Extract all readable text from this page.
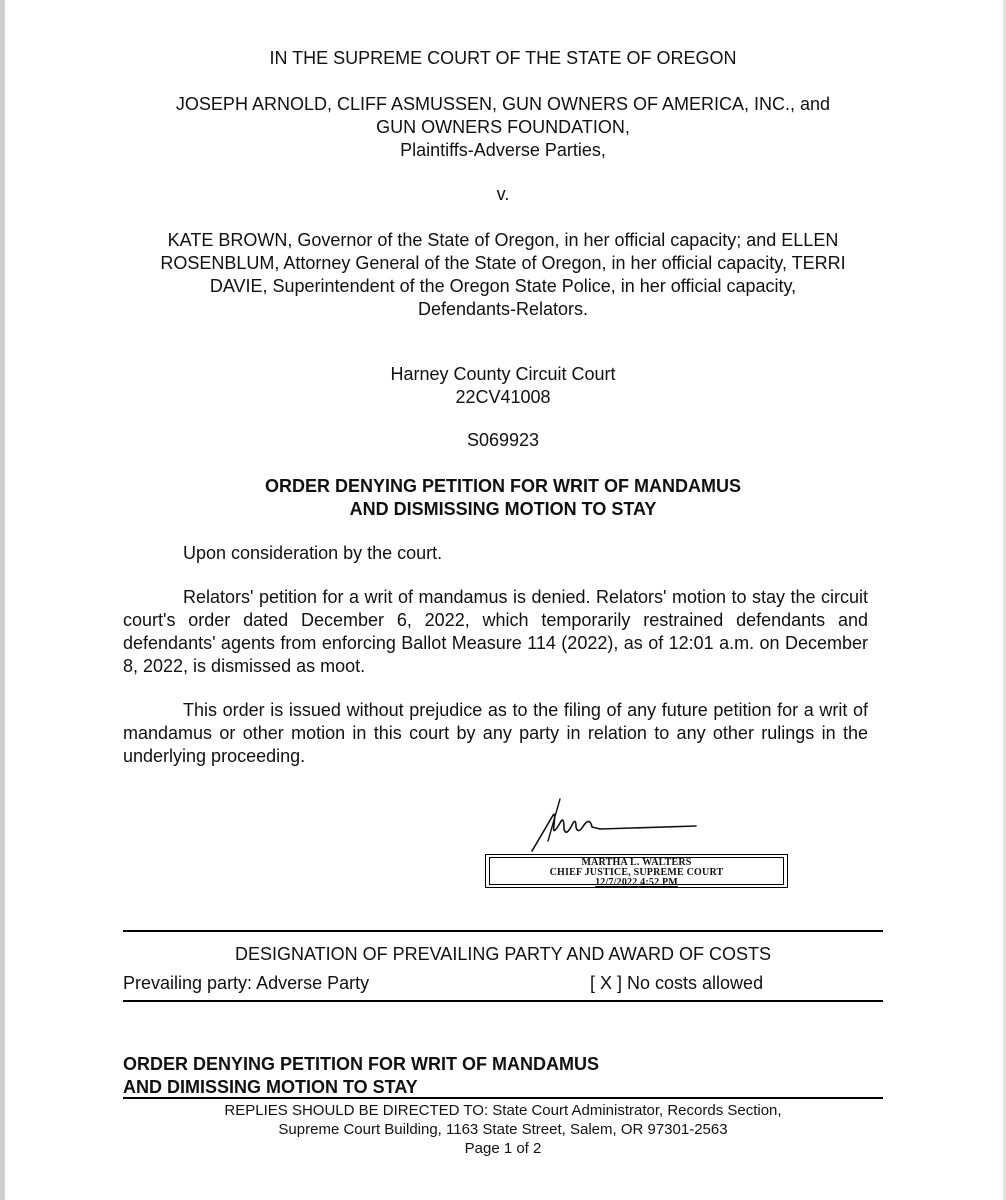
IN THE SUPREME COURT OF THE STATE OF OREGON
JOSEPH ARNOLD, CLIFF ASMUSSEN, GUN OWNERS OF AMERICA, INC., and
GUN OWNERS FOUNDATION,
Plaintiffs-Adverse Parties,
v.
KATE BROWN, Governor of the State of Oregon, in her official capacity; and ELLEN
ROSENBLUM, Attorney General of the State of Oregon, in her official capacity, TERRI
DAVIE, Superintendent of the Oregon State Police, in her official capacity,
Defendants-Relators.
Harney County Circuit Court
22CV41008
S069923
ORDER DENYING PETITION FOR WRIT OF MANDAMUS
AND DISMISSING MOTION TO STAY
Upon consideration by the court.
Relators' petition for a writ of mandamus is denied. Relators' motion to stay the circuit court's order dated December 6, 2022, which temporarily restrained defendants and defendants' agents from enforcing Ballot Measure 114 (2022), as of 12:01 a.m. on December 8, 2022, is dismissed as moot.
This order is issued without prejudice as to the filing of any future petition for a writ of mandamus or other motion in this court by any party in relation to any other rulings in the underlying proceeding.
MARTHA L. WALTERS
CHIEF JUSTICE, SUPREME COURT
12/7/2022 4:52 PM
DESIGNATION OF PREVAILING PARTY AND AWARD OF COSTS
Prevailing party: Adverse Party	[ X ] No costs allowed
ORDER DENYING PETITION FOR WRIT OF MANDAMUS
AND DIMISSING MOTION TO STAY
REPLIES SHOULD BE DIRECTED TO: State Court Administrator, Records Section,
Supreme Court Building, 1163 State Street, Salem, OR 97301-2563
Page 1 of 2
